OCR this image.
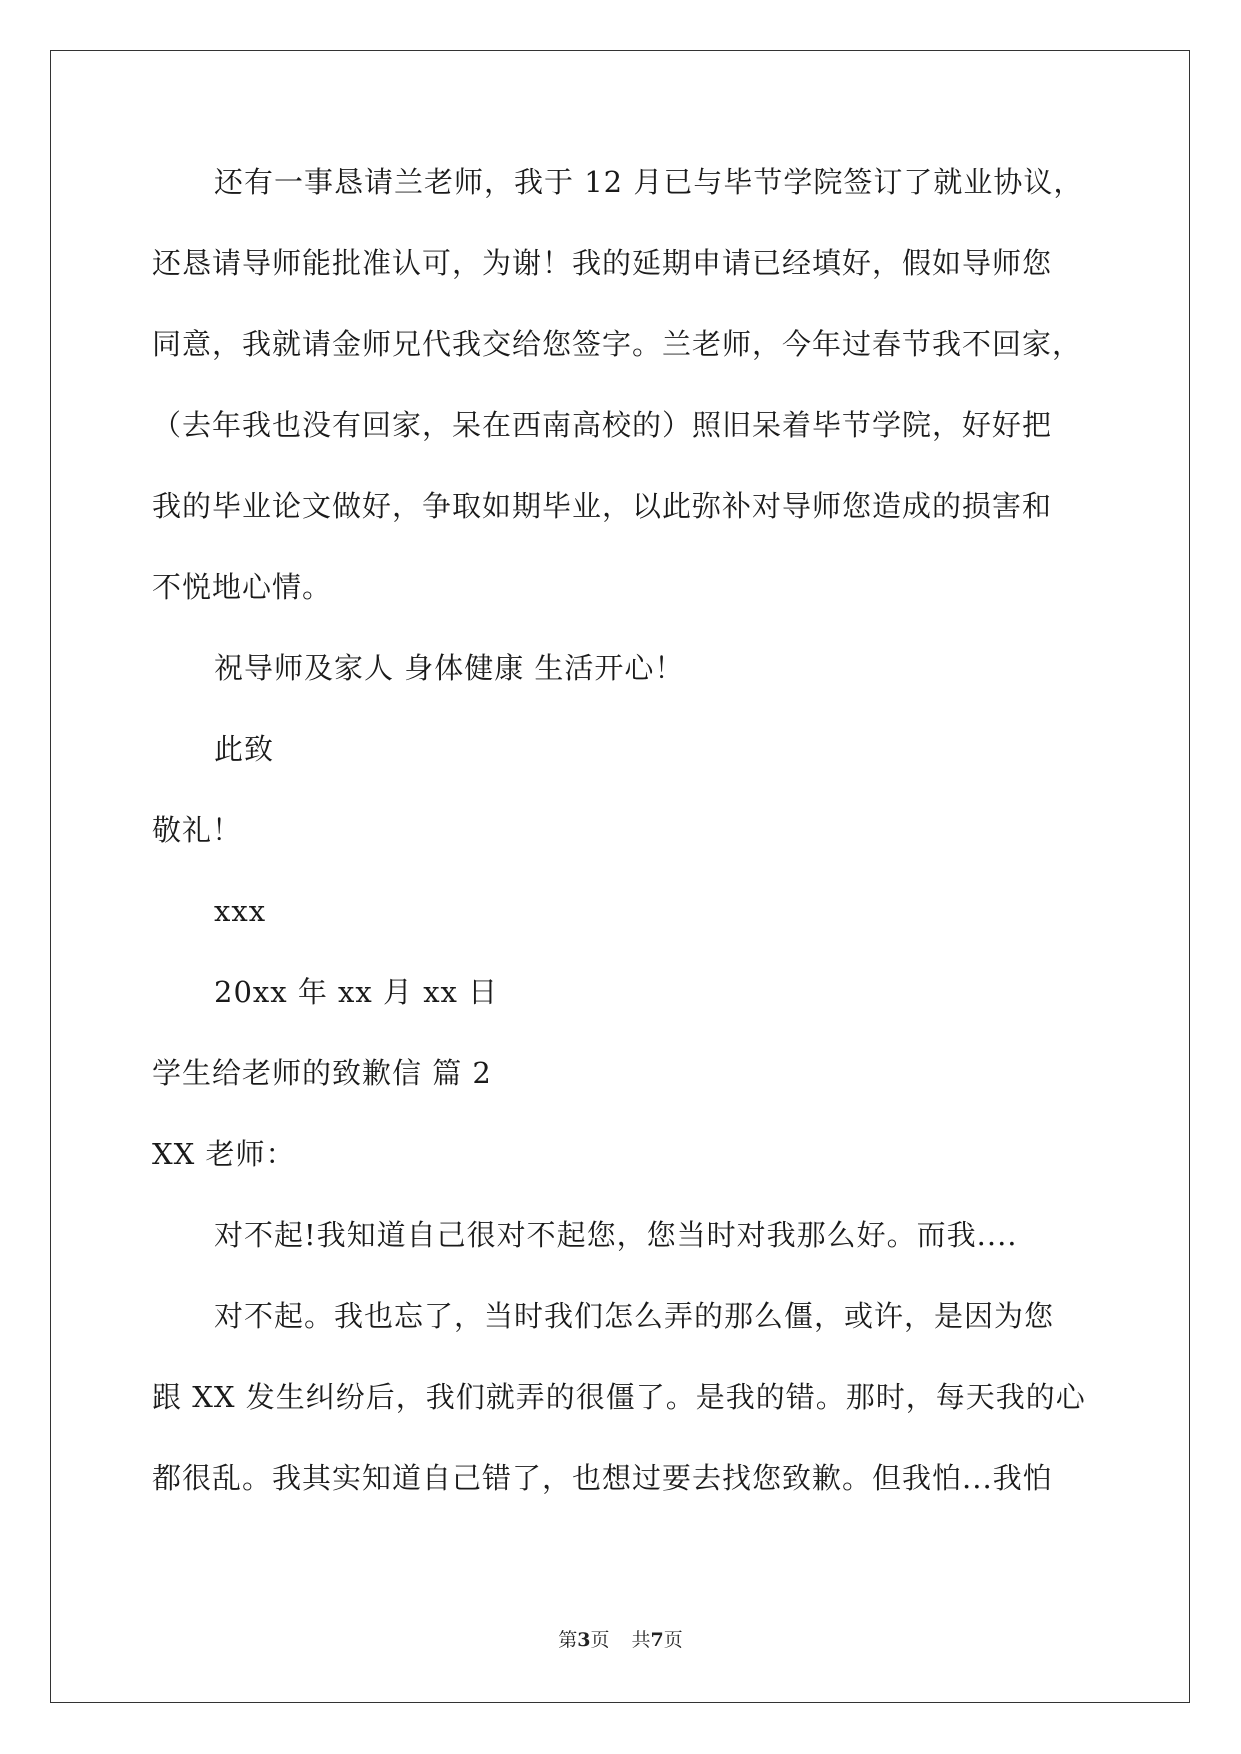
还有一事恳请兰老师，我于 12 月已与毕节学院签订了就业协议，
还恳请导师能批准认可，为谢！我的延期申请已经填好，假如导师您
同意，我就请金师兄代我交给您签字。兰老师，今年过春节我不回家，
（去年我也没有回家，呆在西南高校的）照旧呆着毕节学院，好好把
我的毕业论文做好，争取如期毕业，以此弥补对导师您造成的损害和
不悦地心情。
祝导师及家人 身体健康 生活开心！
此致
敬礼！
xxx
20xx 年 xx 月 xx 日
学生给老师的致歉信 篇 2
XX 老师：
对不起!我知道自己很对不起您，您当时对我那么好。而我....
对不起。我也忘了，当时我们怎么弄的那么僵，或许，是因为您
跟 XX 发生纠纷后，我们就弄的很僵了。是我的错。那时，每天我的心
都很乱。我其实知道自己错了，也想过要去找您致歉。但我怕...我怕
第3页 共7页
